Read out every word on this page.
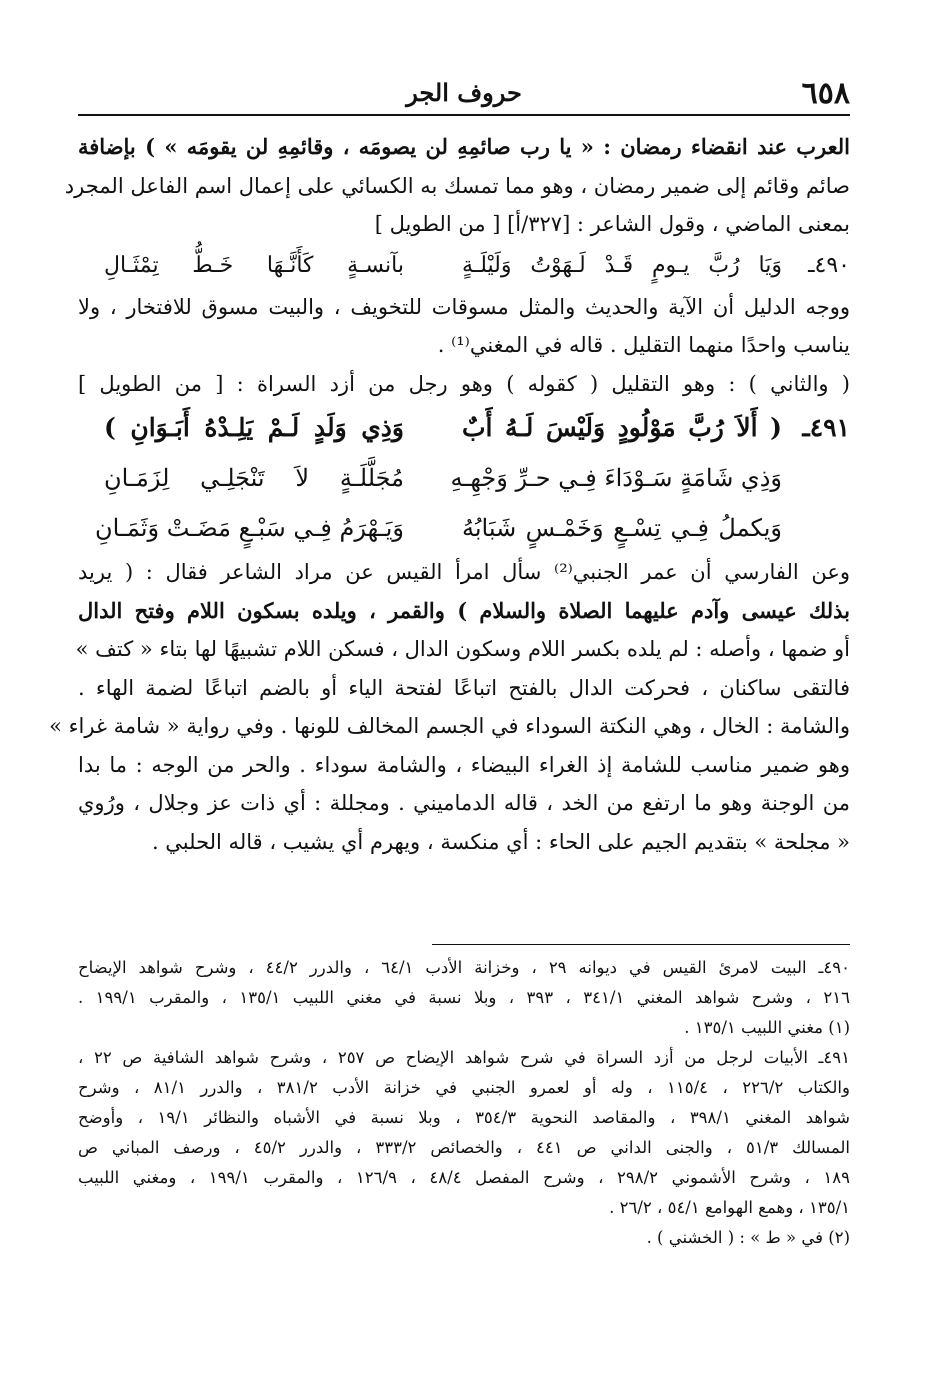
٦٥٨
حروف الجر
العرب عند انقضاء رمضان : « يا رب صائمِهِ لن يصومَه ، وقائمِهِ لن يقومَه » ) بإضافة
صائم وقائم إلى ضمير رمضان ، وهو مما تمسك به الكسائي على إعمال اسم الفاعل المجرد
بمعنى الماضي ، وقول الشاعر : [٣٢٧/أ] [ من الطويل ]
٤٩٠ـ
وَيَا رُبَّ يـومٍ قَـدْ لَـهَوْتُ وَلَيْلَـةٍ
بآنسـةٍ كَأَنَّـهَا خَـطُّ تِمْثَـالِ
ووجه الدليل أن الآية والحديث والمثل مسوقات للتخويف ، والبيت مسوق للافتخار ، ولا
يناسب واحدًا منهما التقليل . قاله في المغني⁽¹⁾ .
( والثاني ) : وهو التقليل ( كقوله ) وهو رجل من أزد السراة : [ من الطويل ]
٤٩١ـ
( أَلاَ رُبَّ مَوْلُودٍ وَلَيْسَ لَـهُ أَبٌ
وَذِي وَلَدٍ لَـمْ يَلِـدْهُ أَبَـوَانِ )
وَذِي شَامَةٍ سَـوْدَاءَ فِـي حـرِّ وَجْهِـهِ
مُجَلَّلَـةٍ لاَ تَنْجَلِـي لِزَمَـانِ
وَيكملُ فِـي تِسْـعٍ وَخَمْـسٍ شَبَابُهُ
وَيَـهْرَمُ فِـي سَبْـعٍ مَضَـتْ وَثَمَـانِ
وعن الفارسي أن عمر الجنبي⁽²⁾ سأل امرأ القيس عن مراد الشاعر فقال : ( يريد
بذلك عيسى وآدم عليهما الصلاة والسلام ) والقمر ، ويلده بسكون اللام وفتح الدال
أو ضمها ، وأصله : لم يلده بكسر اللام وسكون الدال ، فسكن اللام تشبيهًا لها بتاء « كتف »
فالتقى ساكنان ، فحركت الدال بالفتح اتباعًا لفتحة الياء أو بالضم اتباعًا لضمة الهاء .
والشامة : الخال ، وهي النكتة السوداء في الجسم المخالف للونها . وفي رواية « شامة غراء »
وهو ضمير مناسب للشامة إذ الغراء البيضاء ، والشامة سوداء . والحر من الوجه : ما بدا
من الوجنة وهو ما ارتفع من الخد ، قاله الدماميني . ومجللة : أي ذات عز وجلال ، ورُوي
« مجلحة » بتقديم الجيم على الحاء : أي منكسة ، ويهرم أي يشيب ، قاله الحلبي .
٤٩٠ـ البيت لامرئ القيس في ديوانه ٢٩ ، وخزانة الأدب ٦٤/١ ، والدرر ٤٤/٢ ، وشرح شواهد الإيضاح
٢١٦ ، وشرح شواهد المغني ٣٤١/١ ، ٣٩٣ ، وبلا نسبة في مغني اللبيب ١٣٥/١ ، والمقرب ١٩٩/١ .
(١) مغني اللبيب ١٣٥/١ .
٤٩١ـ الأبيات لرجل من أزد السراة في شرح شواهد الإيضاح ص ٢٥٧ ، وشرح شواهد الشافية ص ٢٢ ،
والكتاب ٢٢٦/٢ ، ١١٥/٤ ، وله أو لعمرو الجنبي في خزانة الأدب ٣٨١/٢ ، والدرر ٨١/١ ، وشرح
شواهد المغني ٣٩٨/١ ، والمقاصد النحوية ٣٥٤/٣ ، وبلا نسبة في الأشباه والنظائر ١٩/١ ، وأوضح
المسالك ٥١/٣ ، والجنى الداني ص ٤٤١ ، والخصائص ٣٣٣/٢ ، والدرر ٤٥/٢ ، ورصف المباني ص
١٨٩ ، وشرح الأشموني ٢٩٨/٢ ، وشرح المفصل ٤٨/٤ ، ١٢٦/٩ ، والمقرب ١٩٩/١ ، ومغني اللبيب
١٣٥/١ ، وهمع الهوامع ٥٤/١ ، ٢٦/٢ .
(٢) في « ط » : ( الخشني ) .
